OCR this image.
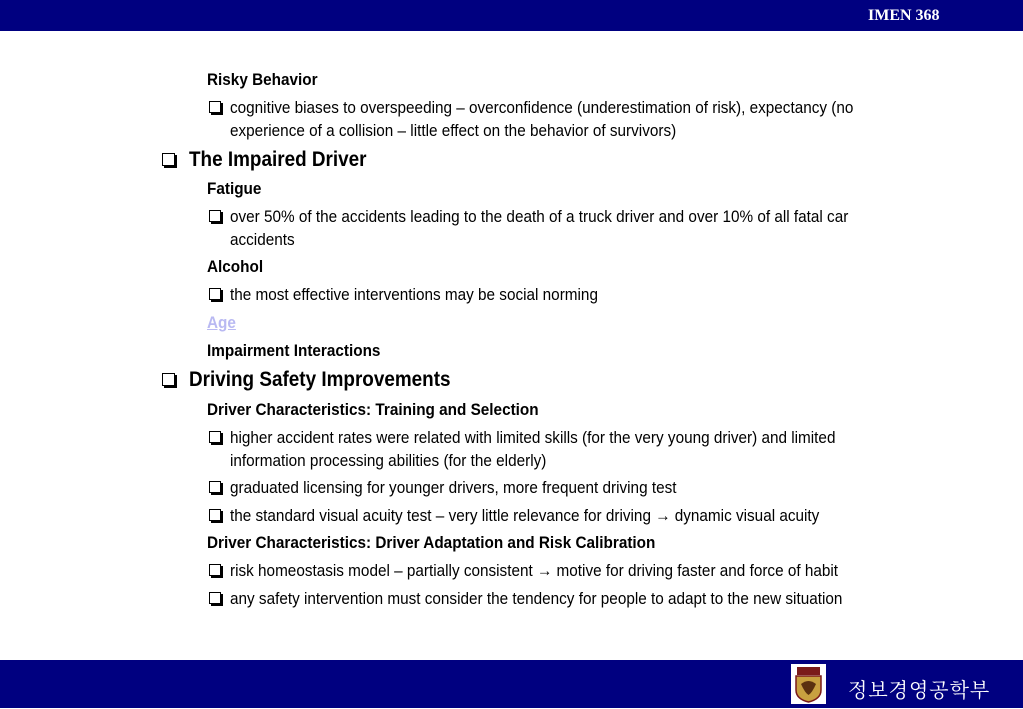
IMEN 368
Risky Behavior
cognitive biases to overspeeding – overconfidence (underestimation of risk), expectancy (no
experience of a collision – little effect on the behavior of survivors)
The Impaired Driver
Fatigue
over 50% of the accidents leading to the death of a truck driver and over 10% of all fatal car
accidents
Alcohol
the most effective interventions may be social norming
Age
Impairment Interactions
Driving Safety Improvements
Driver Characteristics: Training and Selection
higher accident rates were related with limited skills (for the very young driver) and limited
information processing abilities (for the elderly)
graduated licensing for younger drivers, more frequent driving test
the standard visual acuity test – very little relevance for driving → dynamic visual acuity
Driver Characteristics: Driver Adaptation and Risk Calibration
risk homeostasis model – partially consistent → motive for driving faster and force of habit
any safety intervention must consider the tendency for people to adapt to the new situation
정보경영공학부
